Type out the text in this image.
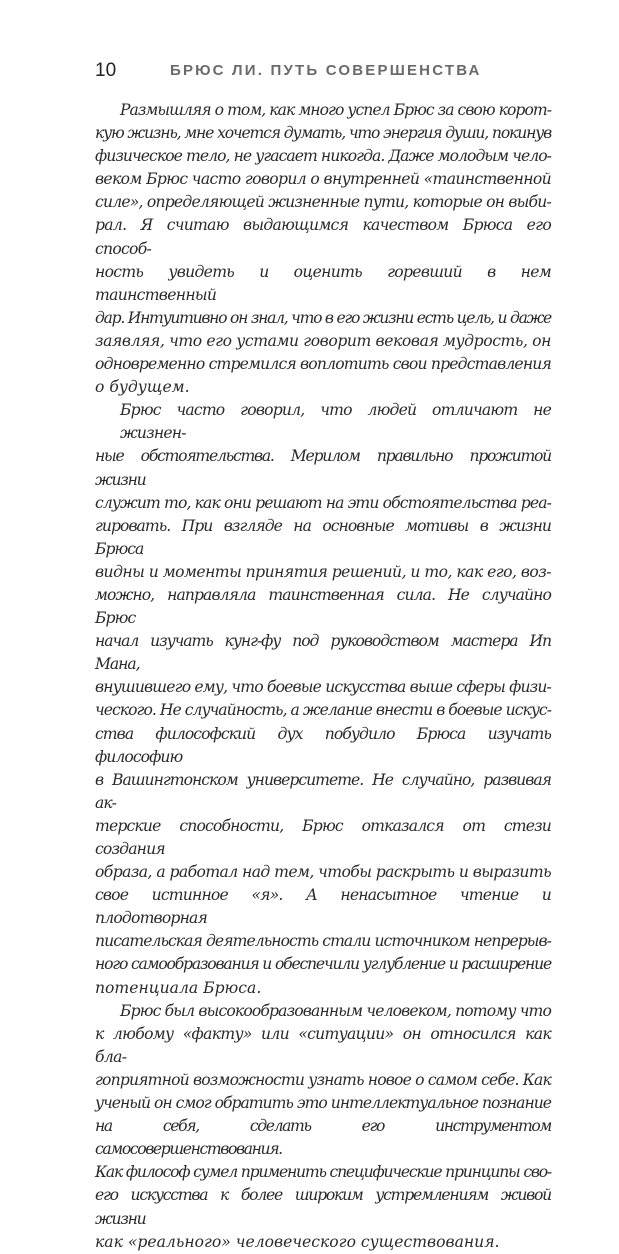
10	БРЮС ЛИ. ПУТЬ СОВЕРШЕНСТВА
Размышляя о том, как много успел Брюс за свою корот-
кую жизнь, мне хочется думать, что энергия души, покинув
физическое тело, не угасает никогда. Даже молодым чело-
веком Брюс часто говорил о внутренней «таинственной
силе», определяющей жизненные пути, которые он выби-
рал. Я считаю выдающимся качеством Брюса его способ-
ность увидеть и оценить горевший в нем таинственный
дар. Интуитивно он знал, что в его жизни есть цель, и даже
заявляя, что его устами говорит вековая мудрость, он
одновременно стремился воплотить свои представления
о будущем.
Брюс часто говорил, что людей отличают не жизнен-
ные обстоятельства. Мерилом правильно прожитой жизни
служит то, как они решают на эти обстоятельства реа-
гировать. При взгляде на основные мотивы в жизни Брюса
видны и моменты принятия решений, и то, как его, воз-
можно, направляла таинственная сила. Не случайно Брюс
начал изучать кунг-фу под руководством мастера Ип Мана,
внушившего ему, что боевые искусства выше сферы физи-
ческого. Не случайность, а желание внести в боевые искус-
ства философский дух побудило Брюса изучать философию
в Вашингтонском университете. Не случайно, развивая ак-
терские способности, Брюс отказался от стези создания
образа, а работал над тем, чтобы раскрыть и выразить
свое истинное «я». А ненасытное чтение и плодотворная
писательская деятельность стали источником непрерыв-
ного самообразования и обеспечили углубление и расширение
потенциала Брюса.
Брюс был высокообразованным человеком, потому что
к любому «факту» или «ситуации» он относился как бла-
гоприятной возможности узнать новое о самом себе. Как
ученый он смог обратить это интеллектуальное познание
на себя, сделать его инструментом самосовершенствования.
Как философ сумел применить специфические принципы сво-
его искусства к более широким устремлениям живой жизни
как «реального» человеческого существования.
